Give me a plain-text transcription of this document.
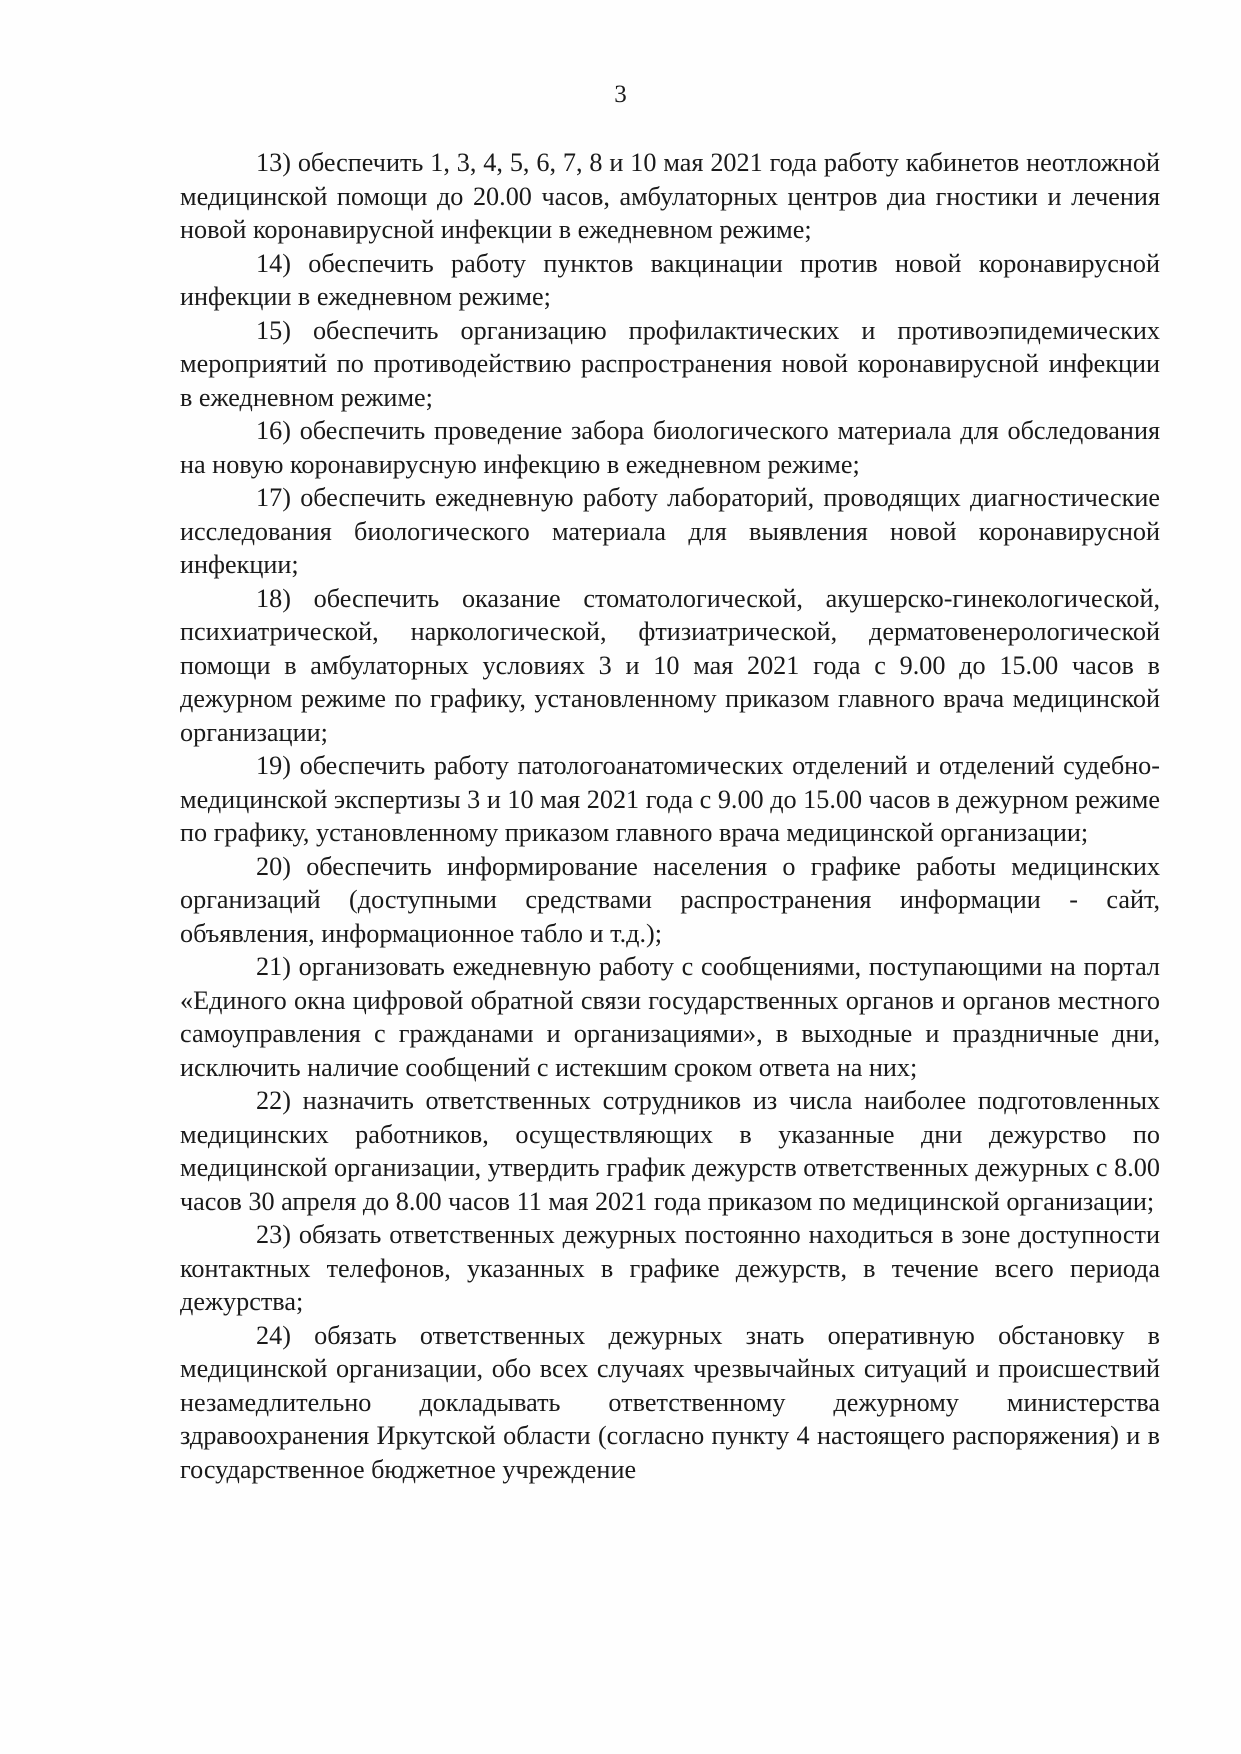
3

13) обеспечить 1, 3, 4, 5, 6, 7, 8 и 10 мая 2021 года работу кабинетов неотложной медицинской помощи до 20.00 часов, амбулаторных центров диа гностики и лечения новой коронавирусной инфекции в ежедневном режиме;

14) обеспечить работу пунктов вакцинации против новой коронавирусной инфекции в ежедневном режиме;

15) обеспечить организацию профилактических и противоэпидемических мероприятий по противодействию распространения новой коронавирусной инфекции в ежедневном режиме;

16) обеспечить проведение забора биологического материала для обследования на новую коронавирусную инфекцию в ежедневном режиме;

17) обеспечить ежедневную работу лабораторий, проводящих диагностические исследования биологического материала для выявления новой коронавирусной инфекции;

18) обеспечить оказание стоматологической, акушерско-гинекологической, психиатрической, наркологической, фтизиатрической, дерматовенерологической помощи в амбулаторных условиях 3 и 10 мая 2021 года с 9.00 до 15.00 часов в дежурном режиме по графику, установленному приказом главного врача медицинской организации;

19) обеспечить работу патологоанатомических отделений и отделений судебно-медицинской экспертизы 3 и 10 мая 2021 года с 9.00 до 15.00 часов в дежурном режиме по графику, установленному приказом главного врача медицинской организации;

20) обеспечить информирование населения о графике работы медицинских организаций (доступными средствами распространения информации - сайт, объявления, информационное табло и т.д.);

21) организовать ежедневную работу с сообщениями, поступающими на портал «Единого окна цифровой обратной связи государственных органов и органов местного самоуправления с гражданами и организациями», в выходные и праздничные дни, исключить наличие сообщений с истекшим сроком ответа на них;

22) назначить ответственных сотрудников из числа наиболее подготовленных медицинских работников, осуществляющих в указанные дни дежурство по медицинской организации, утвердить график дежурств ответственных дежурных с 8.00 часов 30 апреля до 8.00 часов 11 мая 2021 года приказом по медицинской организации;

23) обязать ответственных дежурных постоянно находиться в зоне доступности контактных телефонов, указанных в графике дежурств, в течение всего периода дежурства;

24) обязать ответственных дежурных знать оперативную обстановку в медицинской организации, обо всех случаях чрезвычайных ситуаций и происшествий незамедлительно докладывать ответственному дежурному министерства здравоохранения Иркутской области (согласно пункту 4 настоящего распоряжения) и в государственное бюджетное учреждение
